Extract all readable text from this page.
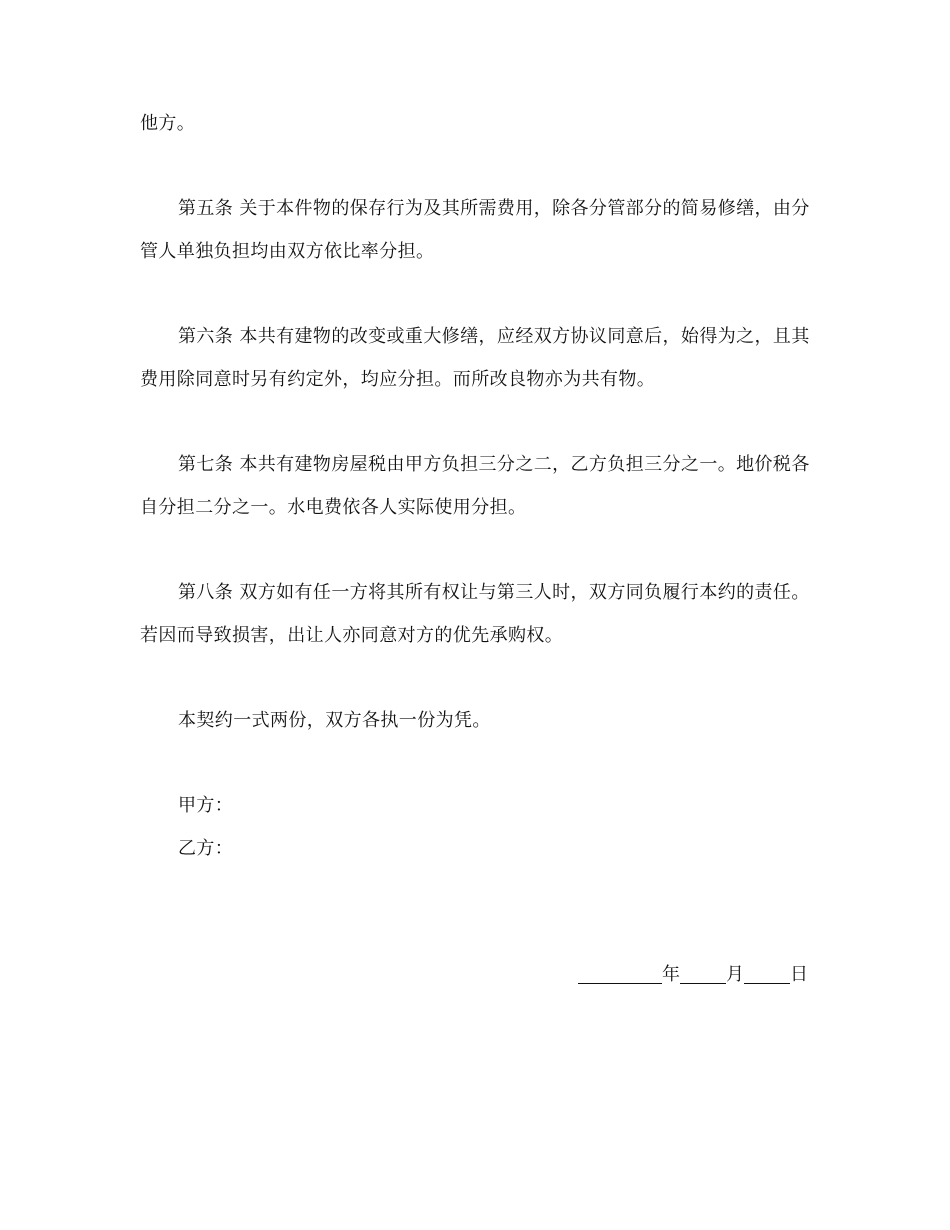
他方。
第五条 关于本件物的保存行为及其所需费用，除各分管部分的简易修缮，由分
管人单独负担均由双方依比率分担。
第六条 本共有建物的改变或重大修缮，应经双方协议同意后，始得为之，且其
费用除同意时另有约定外，均应分担。而所改良物亦为共有物。
第七条 本共有建物房屋税由甲方负担三分之二，乙方负担三分之一。地价税各
自分担二分之一。水电费依各人实际使用分担。
第八条 双方如有任一方将其所有权让与第三人时，双方同负履行本约的责任。
若因而导致损害，出让人亦同意对方的优先承购权。
本契约一式两份，双方各执一份为凭。
甲方：
乙方：
年	月	日
